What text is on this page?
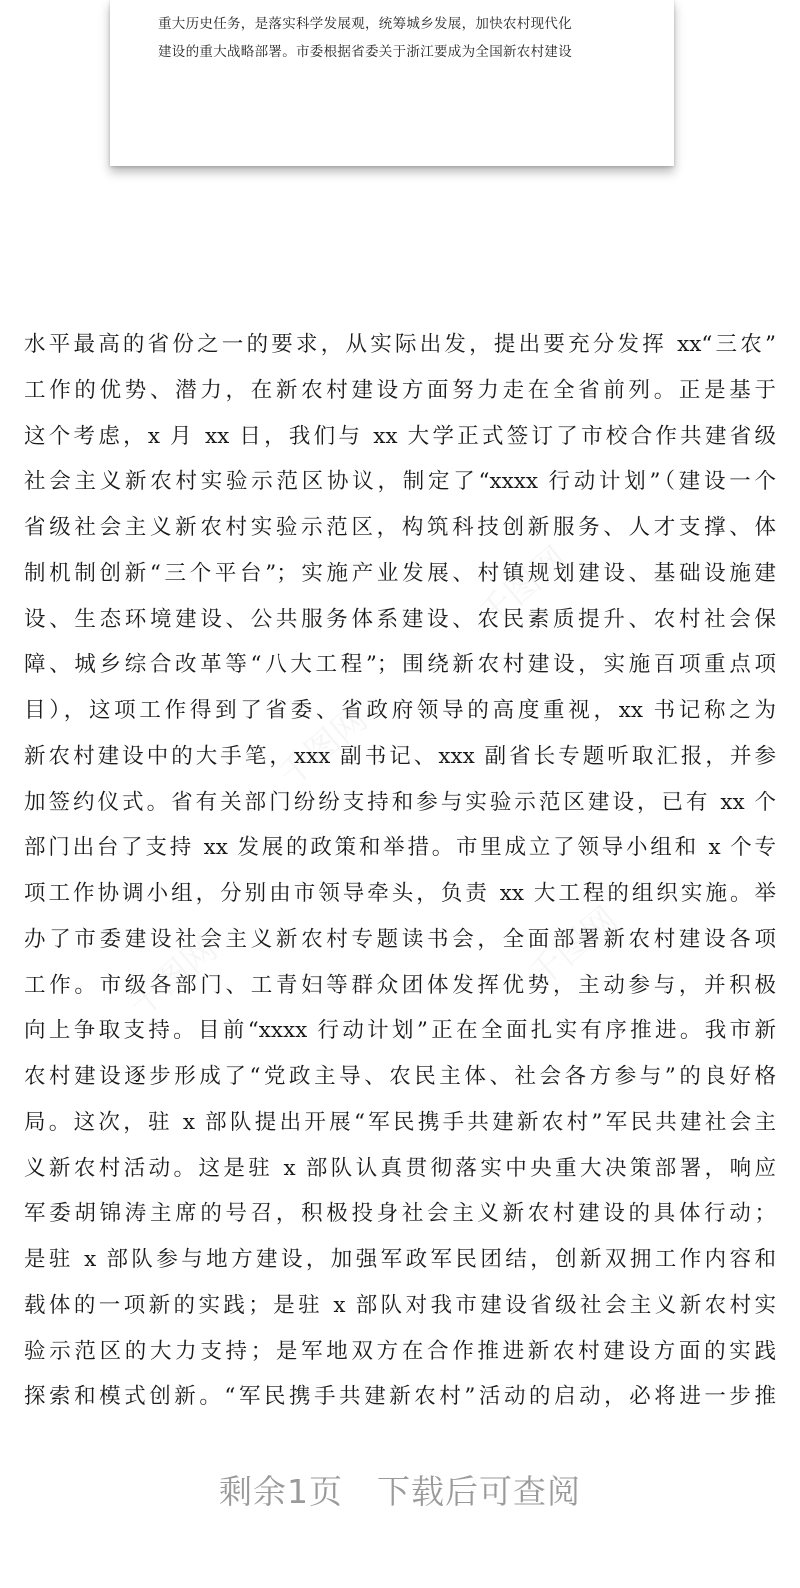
重大历史任务，是落实科学发展观，统筹城乡发展，加快农村现代化
建设的重大战略部署。市委根据省委关于浙江要成为全国新农村建设
水平最高的省份之一的要求，从实际出发，提出要充分发挥 xx“三农”
工作的优势、潜力，在新农村建设方面努力走在全省前列。正是基于
这个考虑，x 月 xx 日，我们与 xx 大学正式签订了市校合作共建省级
社会主义新农村实验示范区协议，制定了“xxxx 行动计划”（建设一个
省级社会主义新农村实验示范区，构筑科技创新服务、人才支撑、体
制机制创新“三个平台”；实施产业发展、村镇规划建设、基础设施建
设、生态环境建设、公共服务体系建设、农民素质提升、农村社会保
障、城乡综合改革等“八大工程”；围绕新农村建设，实施百项重点项
目），这项工作得到了省委、省政府领导的高度重视，xx 书记称之为
新农村建设中的大手笔，xxx 副书记、xxx 副省长专题听取汇报，并参
加签约仪式。省有关部门纷纷支持和参与实验示范区建设，已有 xx 个
部门出台了支持 xx 发展的政策和举措。市里成立了领导小组和 x 个专
项工作协调小组，分别由市领导牵头，负责 xx 大工程的组织实施。举
办了市委建设社会主义新农村专题读书会，全面部署新农村建设各项
工作。市级各部门、工青妇等群众团体发挥优势，主动参与，并积极
向上争取支持。目前“xxxx 行动计划”正在全面扎实有序推进。我市新
农村建设逐步形成了“党政主导、农民主体、社会各方参与”的良好格
局。这次，驻 x 部队提出开展“军民携手共建新农村”军民共建社会主
义新农村活动。这是驻 x 部队认真贯彻落实中央重大决策部署，响应
军委胡锦涛主席的号召，积极投身社会主义新农村建设的具体行动；
是驻 x 部队参与地方建设，加强军政军民团结，创新双拥工作内容和
载体的一项新的实践；是驻 x 部队对我市建设省级社会主义新农村实
验示范区的大力支持；是军地双方在合作推进新农村建设方面的实践
探索和模式创新。“军民携手共建新农村”活动的启动，必将进一步推
千图网
千图网
千图网	千图网
剩余1页 下载后可查阅
